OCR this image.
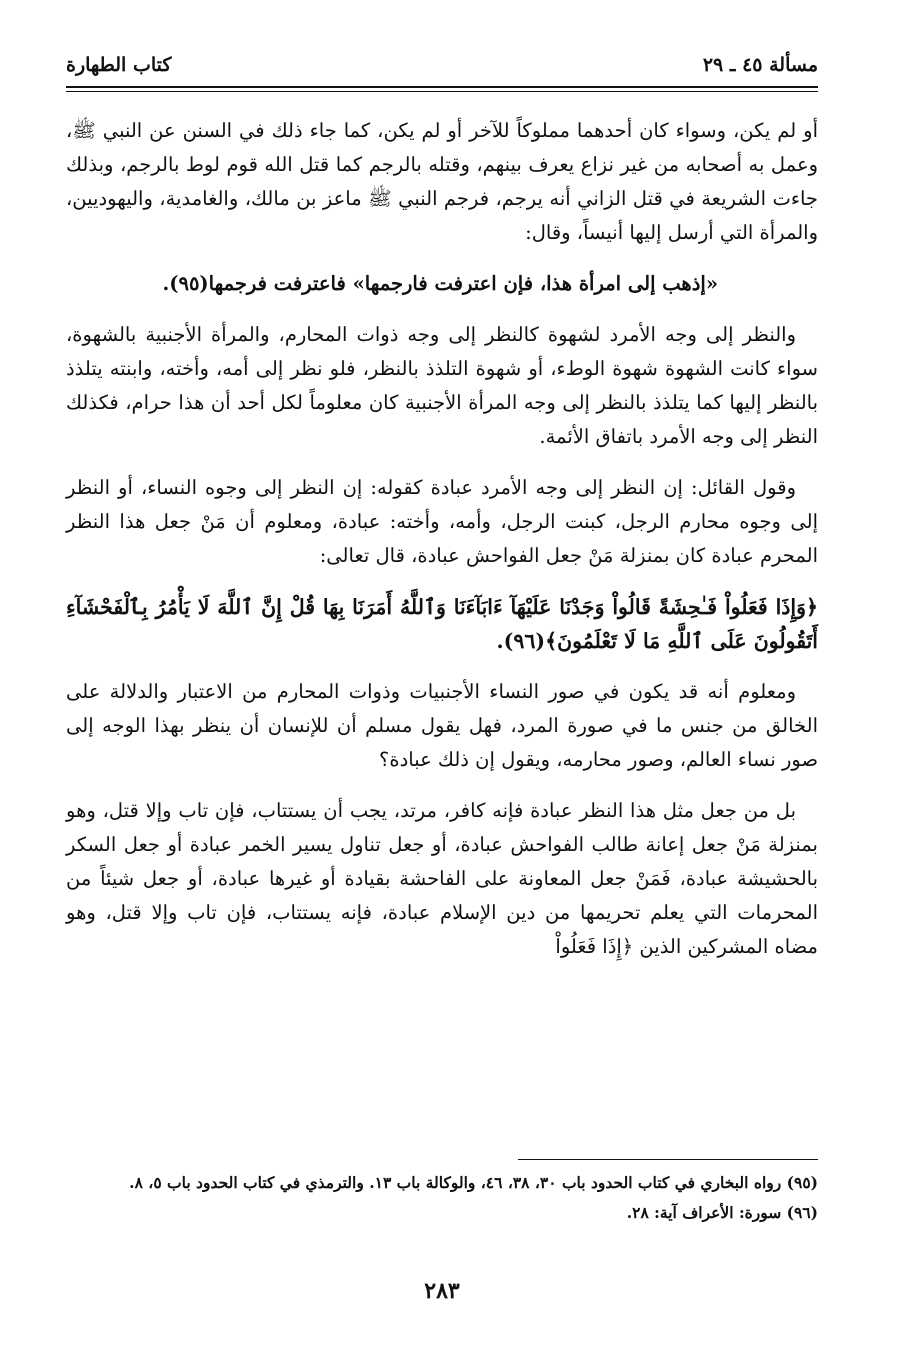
مسألة ٤٥ ـ ٢٩
كتاب الطهارة

أو لم يكن، وسواء كان أحدهما مملوكاً للآخر أو لم يكن، كما جاء ذلك في السنن عن النبي ﷺ، وعمل به أصحابه من غير نزاع يعرف بينهم، وقتله بالرجم كما قتل الله قوم لوط بالرجم، وبذلك جاءت الشريعة في قتل الزاني أنه يرجم، فرجم النبي ﷺ ماعز بن مالك، والغامدية، واليهوديين، والمرأة التي أرسل إليها أنيساً، وقال:

«إذهب إلى امرأة هذا، فإن اعترفت فارجمها» فاعترفت فرجمها(٩٥).

والنظر إلى وجه الأمرد لشهوة كالنظر إلى وجه ذوات المحارم، والمرأة الأجنبية بالشهوة، سواء كانت الشهوة شهوة الوطء، أو شهوة التلذذ بالنظر، فلو نظر إلى أمه، وأخته، وابنته يتلذذ بالنظر إليها كما يتلذذ بالنظر إلى وجه المرأة الأجنبية كان معلوماً لكل أحد أن هذا حرام، فكذلك النظر إلى وجه الأمرد باتفاق الأئمة.

وقول القائل: إن النظر إلى وجه الأمرد عبادة كقوله: إن النظر إلى وجوه النساء، أو النظر إلى وجوه محارم الرجل، كبنت الرجل، وأمه، وأخته: عبادة، ومعلوم أن مَنْ جعل هذا النظر المحرم عبادة كان بمنزلة مَنْ جعل الفواحش عبادة، قال تعالى:

﴿وَإِذَا فَعَلُواْ فَـٰحِشَةً قَالُواْ وَجَدْنَا عَلَيْهَآ ءَابَآءَنَا وَٱللَّهُ أَمَرَنَا بِهَا قُلْ إِنَّ ٱللَّهَ لَا يَأْمُرُ بِٱلْفَحْشَآءِ أَتَقُولُونَ عَلَى ٱللَّهِ مَا لَا تَعْلَمُونَ﴾(٩٦).

ومعلوم أنه قد يكون في صور النساء الأجنبيات وذوات المحارم من الاعتبار والدلالة على الخالق من جنس ما في صورة المرد، فهل يقول مسلم أن للإنسان أن ينظر بهذا الوجه إلى صور نساء العالم، وصور محارمه، ويقول إن ذلك عبادة؟

بل من جعل مثل هذا النظر عبادة فإنه كافر، مرتد، يجب أن يستتاب، فإن تاب وإلا قتل، وهو بمنزلة مَنْ جعل إعانة طالب الفواحش عبادة، أو جعل تناول يسير الخمر عبادة أو جعل السكر بالحشيشة عبادة، فَمَنْ جعل المعاونة على الفاحشة بقيادة أو غيرها عبادة، أو جعل شيئاً من المحرمات التي يعلم تحريمها من دين الإسلام عبادة، فإنه يستتاب، فإن تاب وإلا قتل، وهو مضاه المشركين الذين ﴿إِذَا فَعَلُواْ

(٩٥) رواه البخاري في كتاب الحدود باب ٣٠، ٣٨، ٤٦، والوكالة باب ١٣. والترمذي في كتاب الحدود باب ٥، ٨.

(٩٦) سورة: الأعراف آية: ٢٨.

٢٨٣
